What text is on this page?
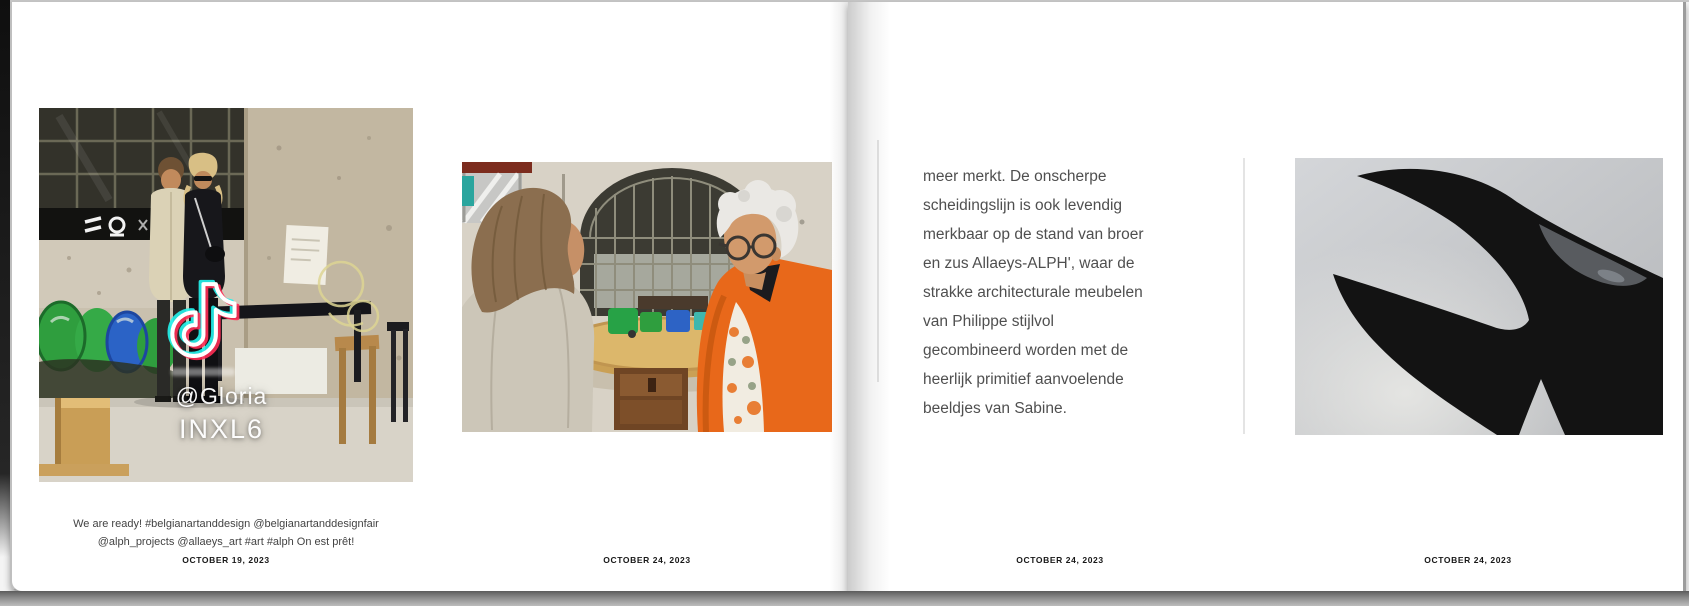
@Gloria
INXL6
We are ready! #belgianartanddesign @belgianartanddesignfair
@alph_projects @allaeys_art #art #alph On est prêt!
OCTOBER 19, 2023	OCTOBER 24, 2023
meer merkt. De onscherpe
scheidingslijn is ook levendig
merkbaar op de stand van broer
en zus Allaeys-ALPH', waar de
strakke architecturale meubelen
van Philippe stijlvol
gecombineerd worden met de
heerlijk primitief aanvoelende
beeldjes van Sabine.
OCTOBER 24, 2023	OCTOBER 24, 2023
